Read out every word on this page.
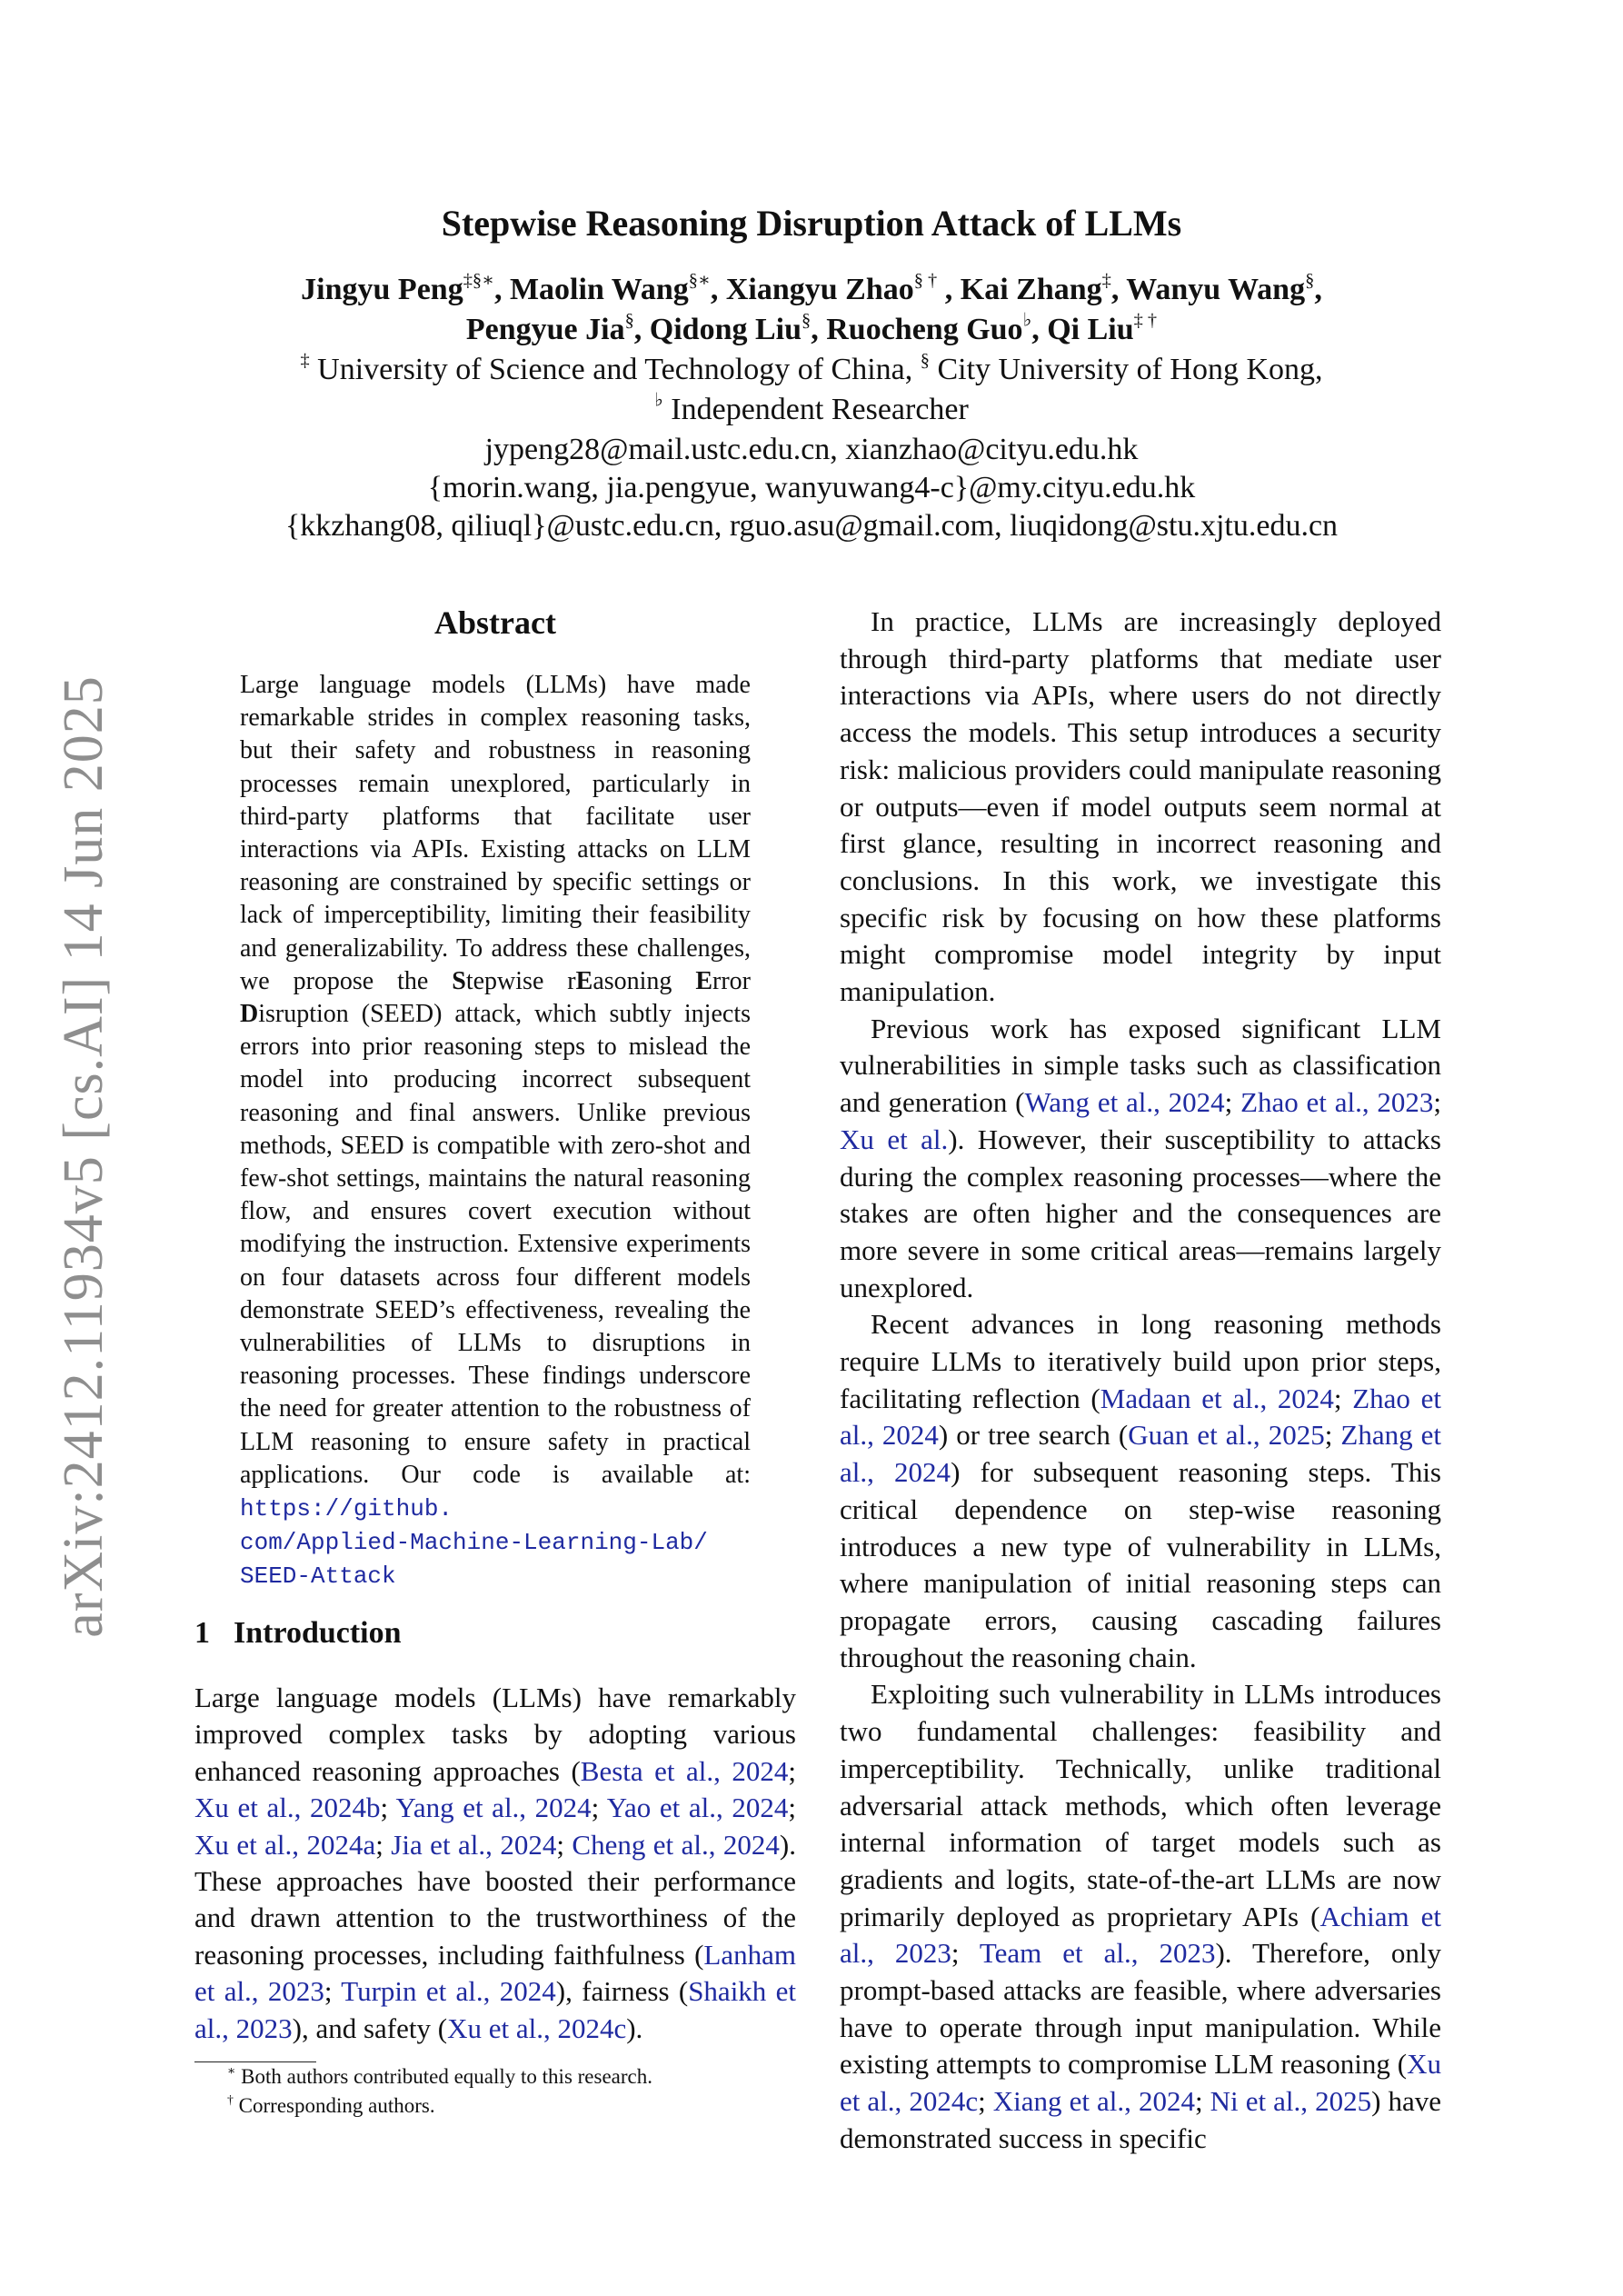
arXiv:2412.11934v5 [cs.AI] 14 Jun 2025
Stepwise Reasoning Disruption Attack of LLMs
Jingyu Peng‡§∗, Maolin Wang§∗, Xiangyu Zhao§ † , Kai Zhang‡, Wanyu Wang§,
Pengyue Jia§, Qidong Liu§, Ruocheng Guo♭, Qi Liu‡ †
‡ University of Science and Technology of China, § City University of Hong Kong,
♭ Independent Researcher
jypeng28@mail.ustc.edu.cn, xianzhao@cityu.edu.hk
{morin.wang, jia.pengyue, wanyuwang4-c}@my.cityu.edu.hk
{kkzhang08, qiliuql}@ustc.edu.cn, rguo.asu@gmail.com, liuqidong@stu.xjtu.edu.cn
Abstract
Large language models (LLMs) have made remarkable strides in complex reasoning tasks, but their safety and robustness in reasoning processes remain unexplored, particularly in third-party platforms that facilitate user interactions via APIs. Existing attacks on LLM reasoning are constrained by specific settings or lack of imperceptibility, limiting their feasibility and generalizability. To address these challenges, we propose the Stepwise rEasoning Error Disruption (SEED) attack, which subtly injects errors into prior reasoning steps to mislead the model into producing incorrect subsequent reasoning and final answers. Unlike previous methods, SEED is compatible with zero-shot and few-shot settings, maintains the natural reasoning flow, and ensures covert execution without modifying the instruction. Extensive experiments on four datasets across four different models demonstrate SEED’s effectiveness, revealing the vulnerabilities of LLMs to disruptions in reasoning processes. These findings underscore the need for greater attention to the robustness of LLM reasoning to ensure safety in practical applications. Our code is available at: https://github.
com/Applied-Machine-Learning-Lab/
SEED-Attack
1 Introduction
Large language models (LLMs) have remarkably improved complex tasks by adopting various enhanced reasoning approaches (Besta et al., 2024; Xu et al., 2024b; Yang et al., 2024; Yao et al., 2024; Xu et al., 2024a; Jia et al., 2024; Cheng et al., 2024). These approaches have boosted their performance and drawn attention to the trustworthiness of the reasoning processes, including faithfulness (Lanham et al., 2023; Turpin et al., 2024), fairness (Shaikh et al., 2023), and safety (Xu et al., 2024c).
∗ Both authors contributed equally to this research.
† Corresponding authors.

In practice, LLMs are increasingly deployed through third-party platforms that mediate user interactions via APIs, where users do not directly access the models. This setup introduces a security risk: malicious providers could manipulate reasoning or outputs—even if model outputs seem normal at first glance, resulting in incorrect reasoning and conclusions. In this work, we investigate this specific risk by focusing on how these platforms might compromise model integrity by input manipulation.

Previous work has exposed significant LLM vulnerabilities in simple tasks such as classification and generation (Wang et al., 2024; Zhao et al., 2023; Xu et al.). However, their susceptibility to attacks during the complex reasoning processes—where the stakes are often higher and the consequences are more severe in some critical areas—remains largely unexplored.

Recent advances in long reasoning methods require LLMs to iteratively build upon prior steps, facilitating reflection (Madaan et al., 2024; Zhao et al., 2024) or tree search (Guan et al., 2025; Zhang et al., 2024) for subsequent reasoning steps. This critical dependence on step-wise reasoning introduces a new type of vulnerability in LLMs, where manipulation of initial reasoning steps can propagate errors, causing cascading failures throughout the reasoning chain.

Exploiting such vulnerability in LLMs introduces two fundamental challenges: feasibility and imperceptibility. Technically, unlike traditional adversarial attack methods, which often leverage internal information of target models such as gradients and logits, state-of-the-art LLMs are now primarily deployed as proprietary APIs (Achiam et al., 2023; Team et al., 2023). Therefore, only prompt-based attacks are feasible, where adversaries have to operate through input manipulation. While existing attempts to compromise LLM reasoning (Xu et al., 2024c; Xiang et al., 2024; Ni et al., 2025) have demonstrated success in specific
